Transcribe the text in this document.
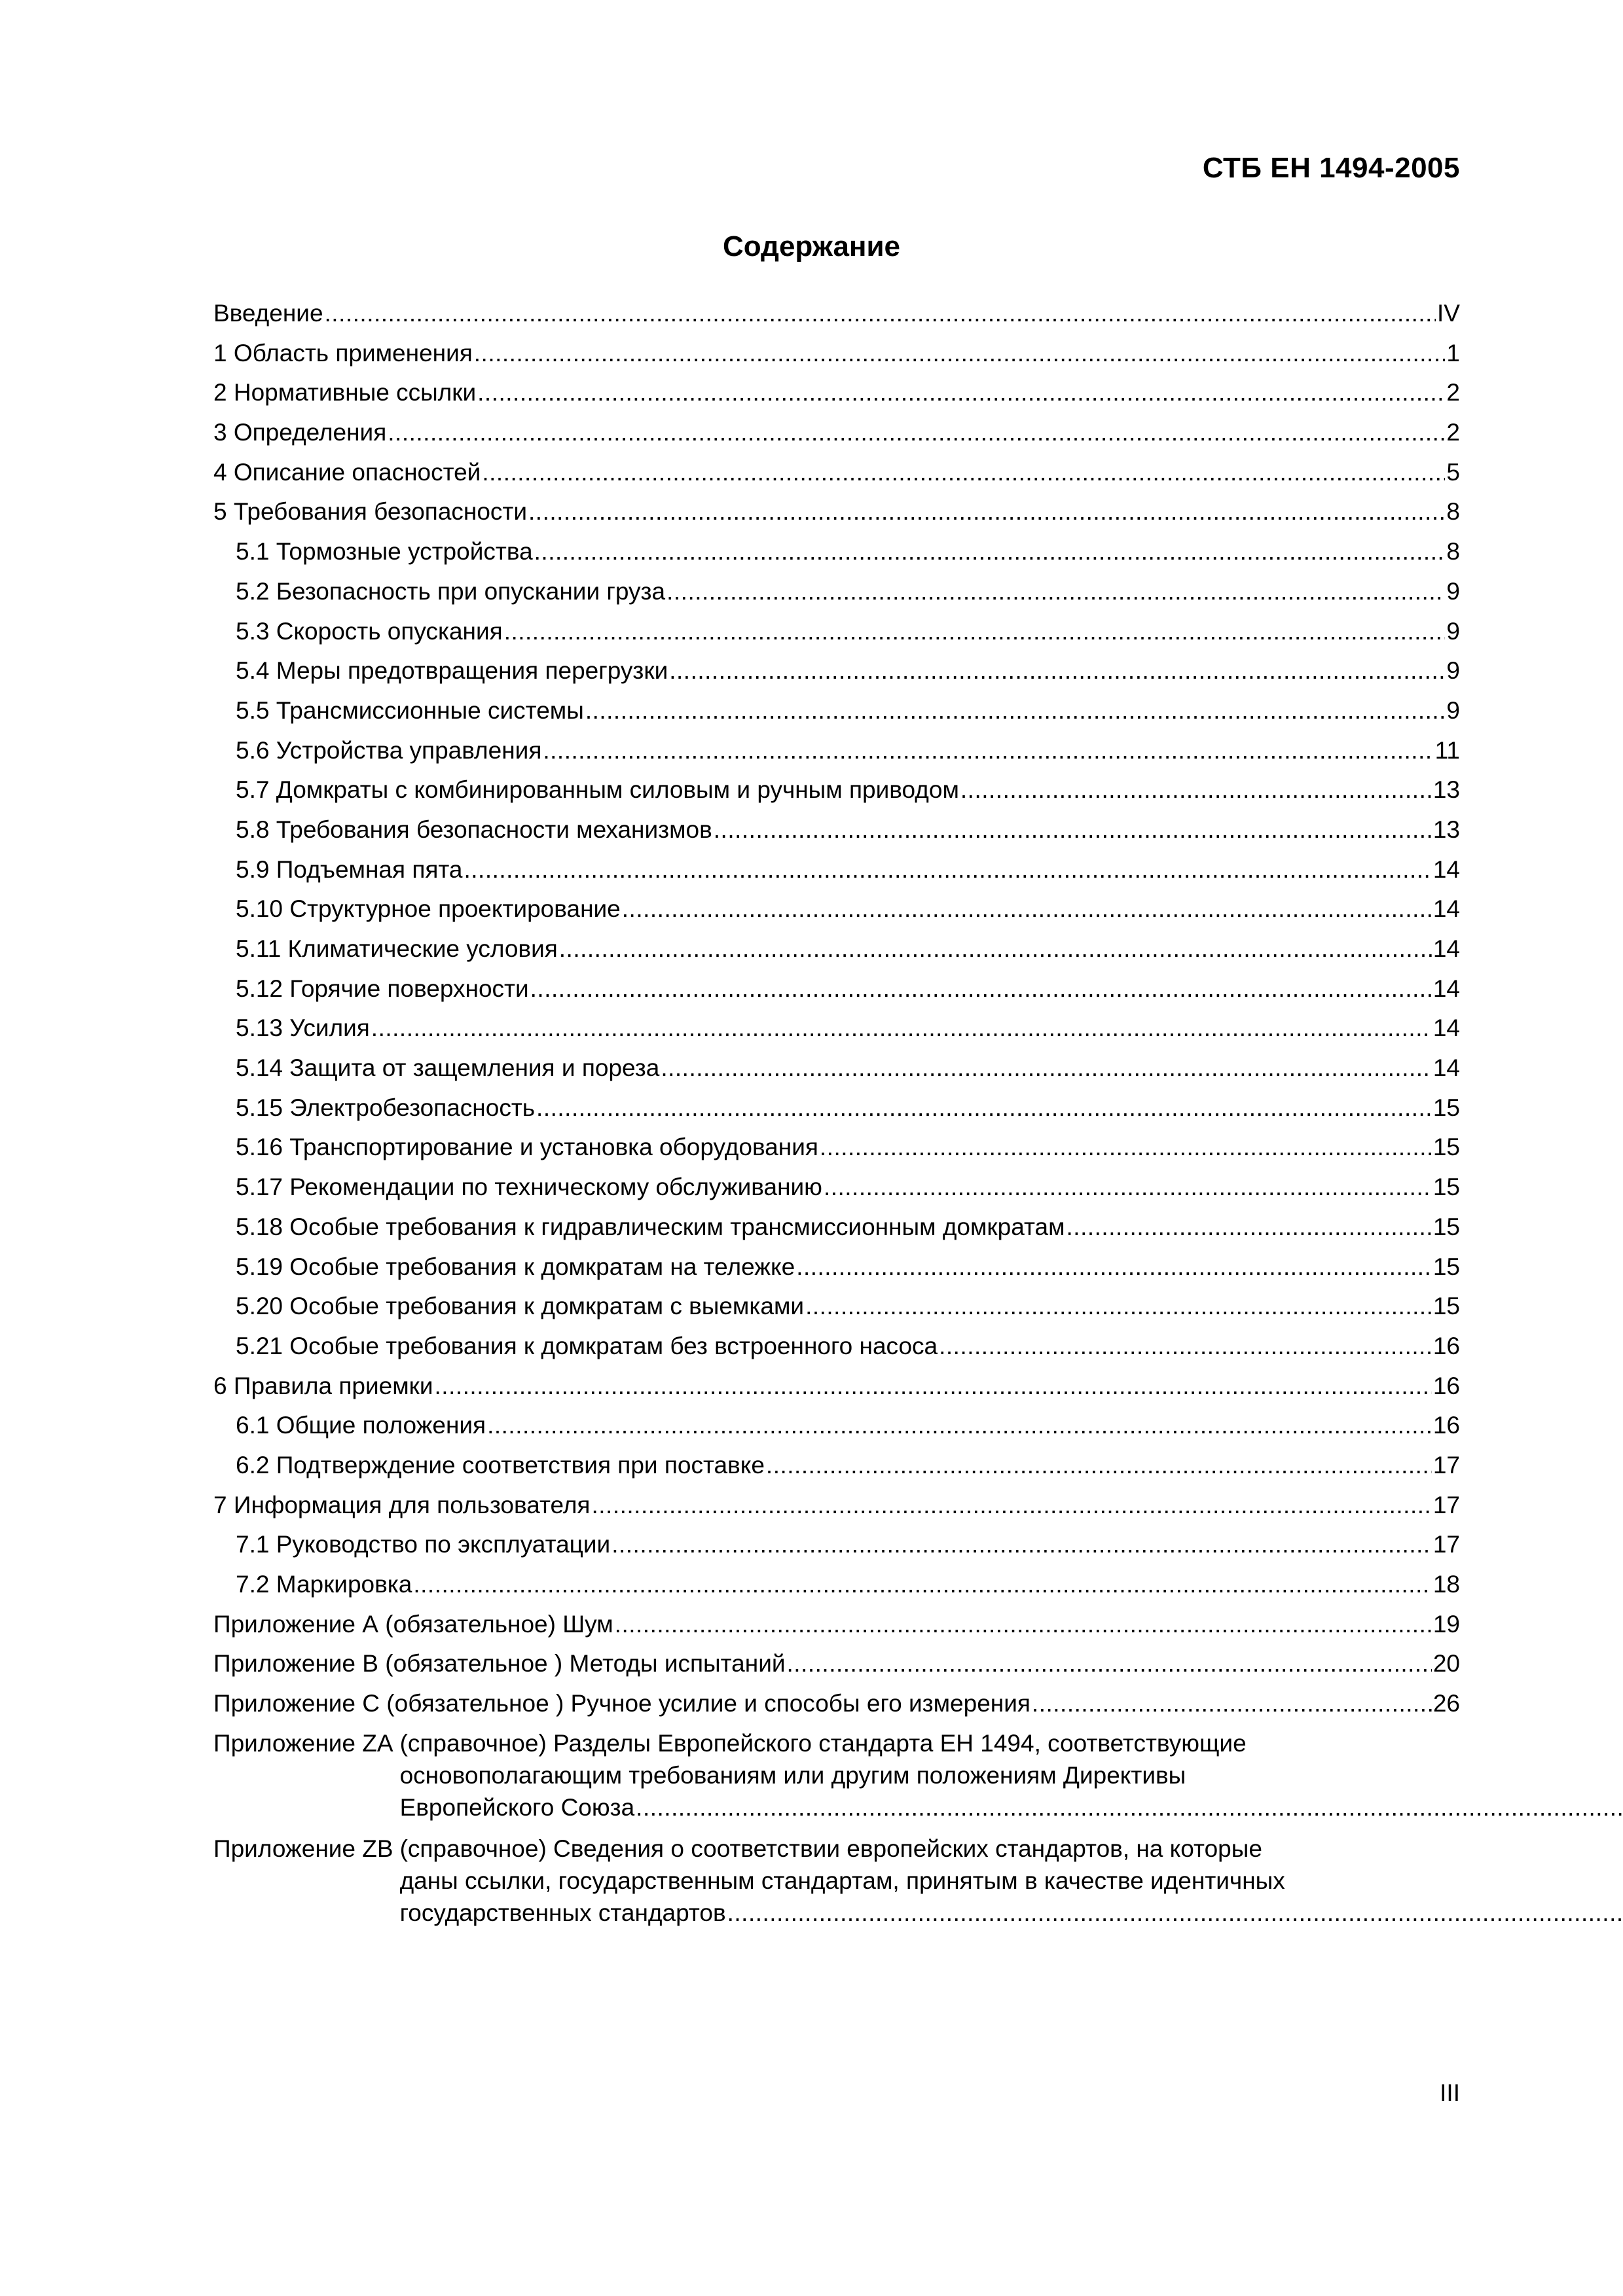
СТБ ЕН 1494-2005
Содержание
Введение .....	IV
1 Область применения .....	1
2 Нормативные ссылки .....	2
3 Определения .....	2
4 Описание опасностей .....	5
5 Требования безопасности .....	8
5.1 Тормозные устройства .....	8
5.2 Безопасность при опускании груза .....	9
5.3 Скорость опускания .....	9
5.4 Меры предотвращения перегрузки .....	9
5.5 Трансмиссионные системы .....	9
5.6 Устройства управления .....	11
5.7 Домкраты с комбинированным силовым и ручным приводом .....	13
5.8 Требования безопасности механизмов .....	13
5.9 Подъемная пята .....	14
5.10 Структурное проектирование .....	14
5.11 Климатические условия .....	14
5.12 Горячие поверхности .....	14
5.13 Усилия .....	14
5.14 Защита от защемления и пореза .....	14
5.15 Электробезопасность .....	15
5.16 Транспортирование и установка оборудования .....	15
5.17 Рекомендации по техническому обслуживанию .....	15
5.18 Особые требования к гидравлическим трансмиссионным домкратам .....	15
5.19 Особые требования к домкратам на тележке .....	15
5.20 Особые требования к домкратам с выемками .....	15
5.21 Особые требования к домкратам без встроенного насоса .....	16
6 Правила приемки .....	16
6.1 Общие положения .....	16
6.2 Подтверждение соответствия при поставке .....	17
7 Информация для пользователя .....	17
7.1 Руководство по эксплуатации .....	17
7.2 Маркировка .....	18
Приложение А (обязательное) Шум .....	19
Приложение В (обязательное ) Методы испытаний .....	20
Приложение С (обязательное ) Ручное усилие и способы его измерения .....	26
Приложение ZA (справочное) Разделы Европейского стандарта ЕН 1494, соответствующие
основополагающим требованиям или другим положениям Директивы
Европейского Союза
.....
Приложение ZB (справочное) Сведения о соответствии европейских стандартов, на которые
даны ссылки, государственным стандартам, принятым в качестве идентичных
государственных стандартов
.....
III
